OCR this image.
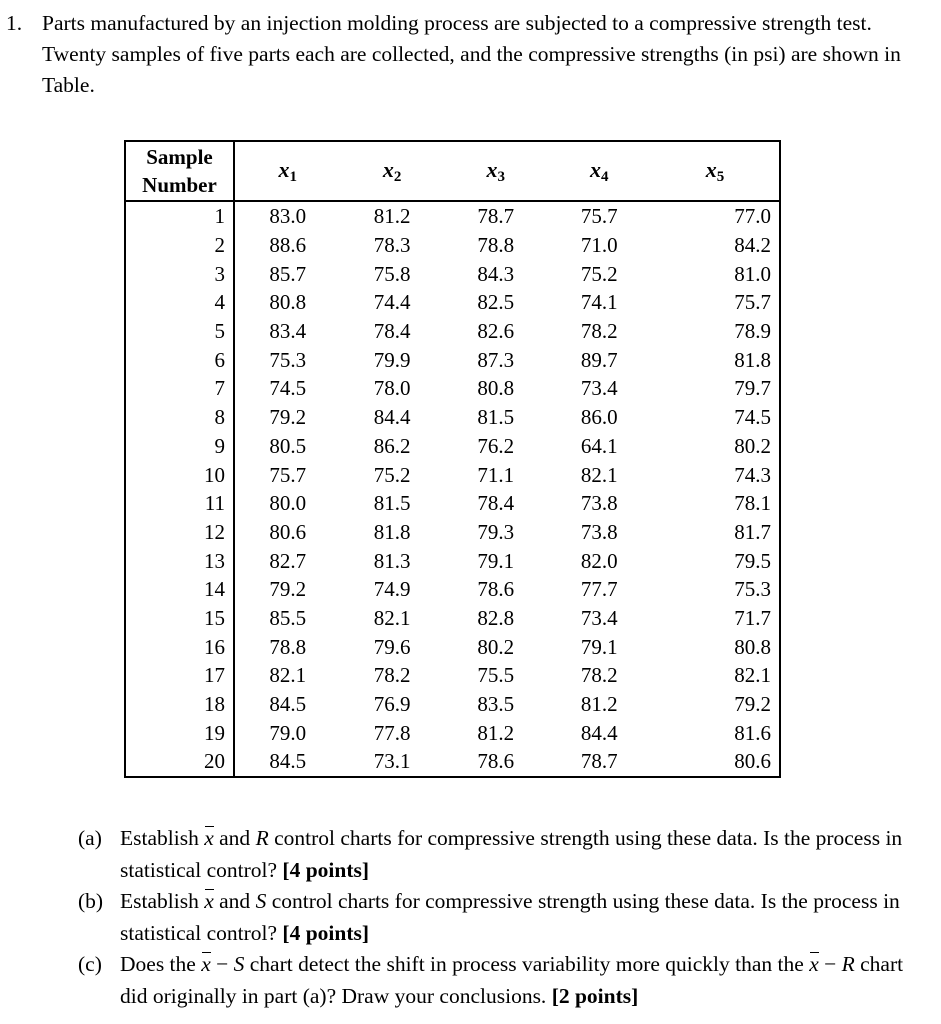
1. Parts manufactured by an injection molding process are subjected to a compressive strength test. Twenty samples of five parts each are collected, and the compressive strengths (in psi) are shown in Table.
Sample
Number	$x_1$	$x_2$	$x_3$	$x_4$	$x_5$
1	83.0	81.2	78.7	75.7	77.0
2	88.6	78.3	78.8	71.0	84.2
3	85.7	75.8	84.3	75.2	81.0
4	80.8	74.4	82.5	74.1	75.7
5	83.4	78.4	82.6	78.2	78.9
6	75.3	79.9	87.3	89.7	81.8
7	74.5	78.0	80.8	73.4	79.7
8	79.2	84.4	81.5	86.0	74.5
9	80.5	86.2	76.2	64.1	80.2
10	75.7	75.2	71.1	82.1	74.3
11	80.0	81.5	78.4	73.8	78.1
12	80.6	81.8	79.3	73.8	81.7
13	82.7	81.3	79.1	82.0	79.5
14	79.2	74.9	78.6	77.7	75.3
15	85.5	82.1	82.8	73.4	71.7
16	78.8	79.6	80.2	79.1	80.8
17	82.1	78.2	75.5	78.2	82.1
18	84.5	76.9	83.5	81.2	79.2
19	79.0	77.8	81.2	84.4	81.6
20	84.5	73.1	78.6	78.7	80.6
(a) Establish x and R control charts for compressive strength using these data. Is the process in statistical control? [4 points]
(b) Establish x and S control charts for compressive strength using these data. Is the process in statistical control? [4 points]
(c) Does the x − S chart detect the shift in process variability more quickly than the x − R chart did originally in part (a)? Draw your conclusions. [2 points]
